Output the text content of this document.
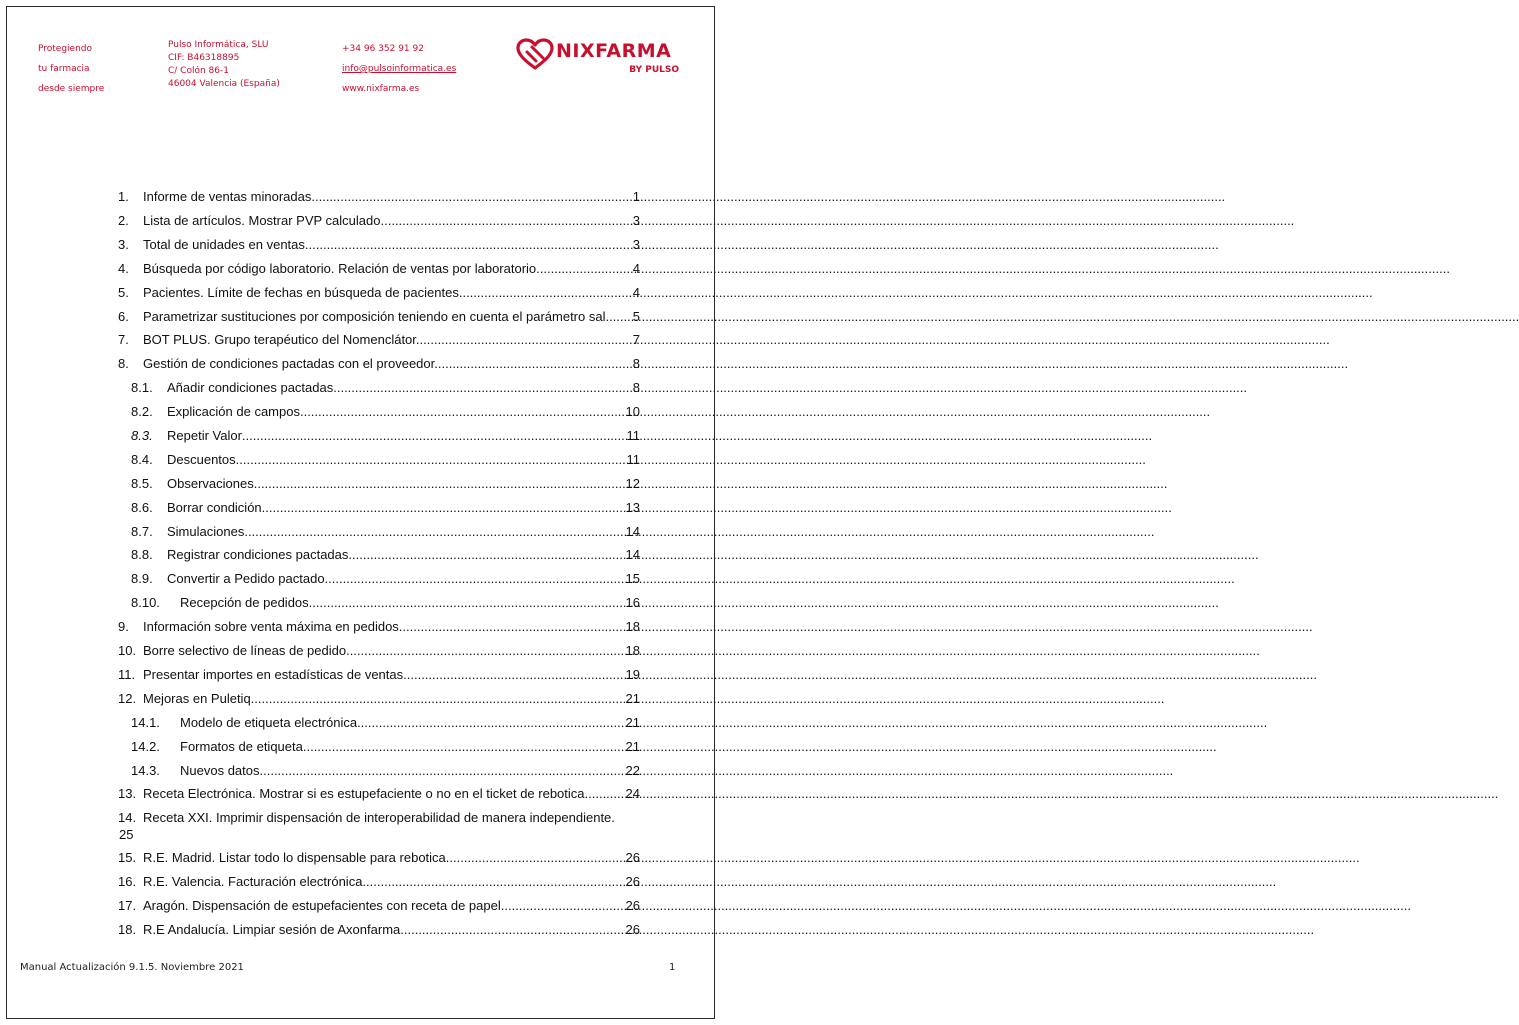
Protegiendo
tu farmacia
desde siempre
Pulso Informática, SLU
CIF: B46318895
C/ Colón 86-1
46004 Valencia (España)
+34 96 352 91 92
info@pulsoinformatica.es
www.nixfarma.es
NIXFARMA
BY PULSO
1. Informe de ventas minoradas. .....	1
2. Lista de artículos. Mostrar PVP calculado. .....	3
3. Total de unidades en ventas. .....	3
4. Búsqueda por código laboratorio. Relación de ventas por laboratorio. .....	4
5. Pacientes. Límite de fechas en búsqueda de pacientes. .....	4
6. Parametrizar sustituciones por composición teniendo en cuenta el parámetro sal. ..... 5
7. BOT PLUS. Grupo terapéutico del Nomenclátor. .....	7
8. Gestión de condiciones pactadas con el proveedor. .....	8
8.1. Añadir condiciones pactadas. .....	8
8.2. Explicación de campos .....	10
8.3. Repetir Valor .....	11
8.4. Descuentos .....	11
8.5. Observaciones. .....	12
8.6. Borrar condición .....	13
8.7. Simulaciones .....	14
8.8. Registrar condiciones pactadas .....	14
8.9. Convertir a Pedido pactado .....	15
8.10. Recepción de pedidos .....	16
9. Información sobre venta máxima en pedidos. .....	18
10. Borre selectivo de líneas de pedido. .....	18
11. Presentar importes en estadísticas de ventas. .....	19
12. Mejoras en Puletiq. .....	21
14.1. Modelo de etiqueta electrónica .....	21
14.2. Formatos de etiqueta. .....	21
14.3. Nuevos datos. .....	22
13. Receta Electrónica. Mostrar si es estupefaciente o no en el ticket de rebotica. .....	24
14. Receta XXI. Imprimir dispensación de interoperabilidad de manera independiente.
25
15. R.E. Madrid. Listar todo lo dispensable para rebotica. .....	26
16. R.E. Valencia. Facturación electrónica. .....	26
17. Aragón. Dispensación de estupefacientes con receta de papel .....	26
18. R.E Andalucía. Limpiar sesión de Axonfarma. .....	26
Manual Actualización 9.1.5. Noviembre 2021	1
